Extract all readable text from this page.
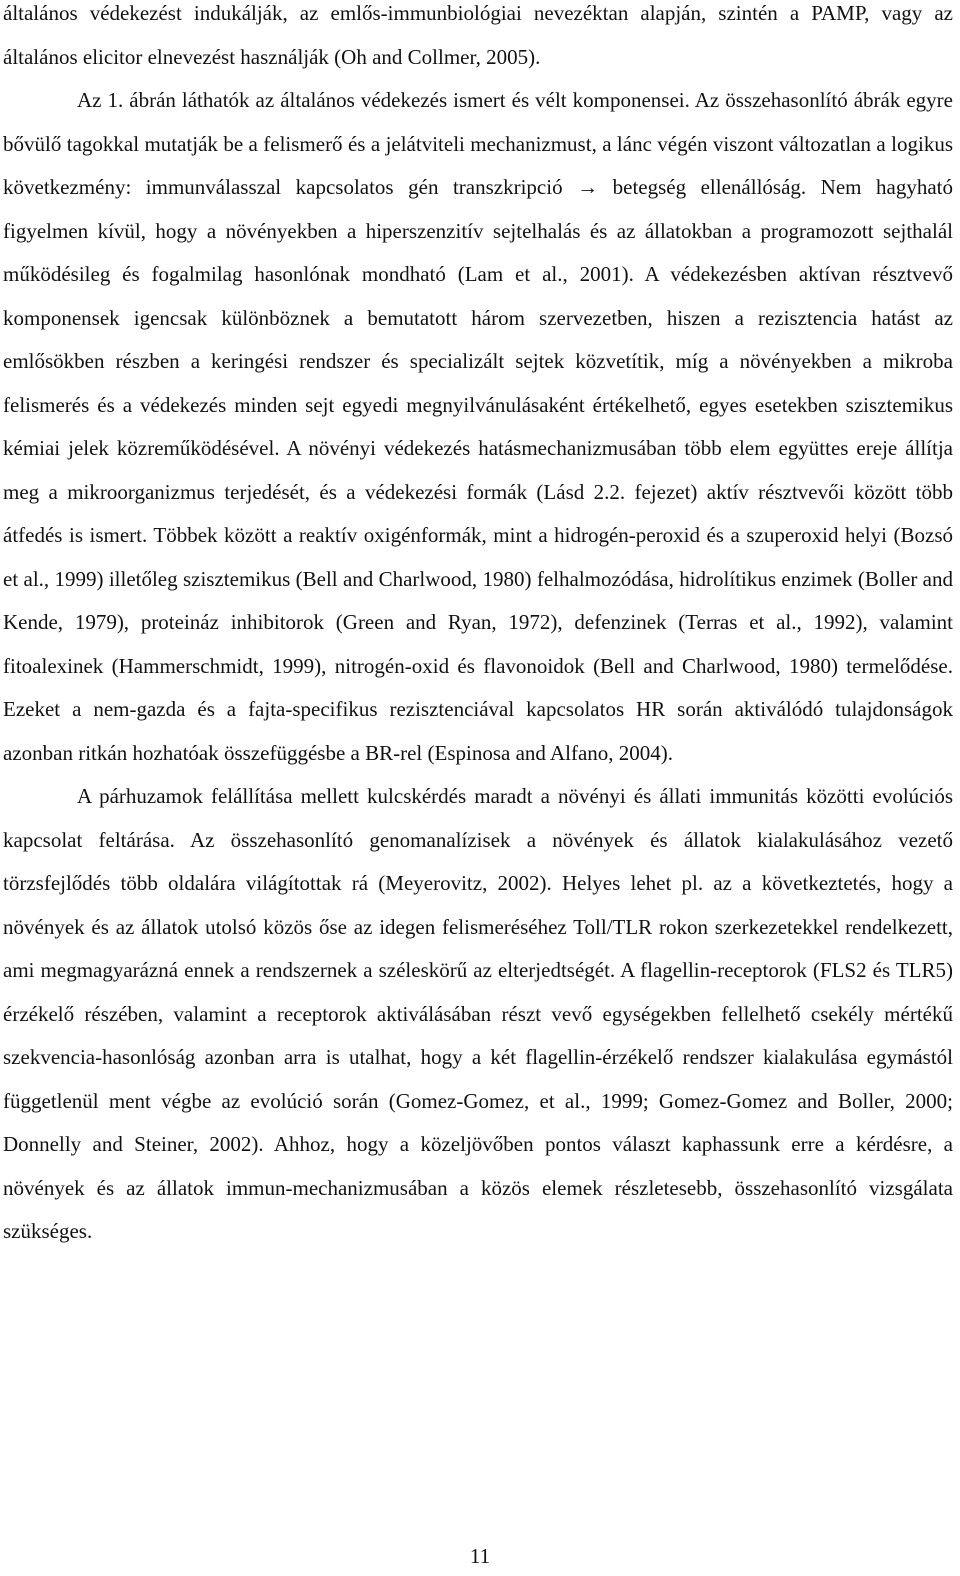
általános védekezést indukálják, az emlős-immunbiológiai nevezéktan alapján, szintén a PAMP, vagy az általános elicitor elnevezést használják (Oh and Collmer, 2005).

Az 1. ábrán láthatók az általános védekezés ismert és vélt komponensei. Az összehasonlító ábrák egyre bővülő tagokkal mutatják be a felismerő és a jelátviteli mechanizmust, a lánc végén viszont változatlan a logikus következmény: immunválasszal kapcsolatos gén transzkripció → betegség ellenállóság. Nem hagyható figyelmen kívül, hogy a növényekben a hiperszenzitív sejtelhalás és az állatokban a programozott sejthalál működésileg és fogalmilag hasonlónak mondható (Lam et al., 2001). A védekezésben aktívan résztvevő komponensek igencsak különböznek a bemutatott három szervezetben, hiszen a rezisztencia hatást az emlősökben részben a keringési rendszer és specializált sejtek közvetítik, míg a növényekben a mikroba felismerés és a védekezés minden sejt egyedi megnyilvánulásaként értékelhető, egyes esetekben szisztemikus kémiai jelek közreműködésével. A növényi védekezés hatásmechanizmusában több elem együttes ereje állítja meg a mikroorganizmus terjedését, és a védekezési formák (Lásd 2.2. fejezet) aktív résztvevői között több átfedés is ismert. Többek között a reaktív oxigénformák, mint a hidrogén-peroxid és a szuperoxid helyi (Bozsó et al., 1999) illetőleg szisztemikus (Bell and Charlwood, 1980) felhalmozódása, hidrolítikus enzimek (Boller and Kende, 1979), proteináz inhibitorok (Green and Ryan, 1972), defenzinek (Terras et al., 1992), valamint fitoalexinek (Hammerschmidt, 1999), nitrogén-oxid és flavonoidok (Bell and Charlwood, 1980) termelődése. Ezeket a nem-gazda és a fajta-specifikus rezisztenciával kapcsolatos HR során aktiválódó tulajdonságok azonban ritkán hozhatóak összefüggésbe a BR-rel (Espinosa and Alfano, 2004).

A párhuzamok felállítása mellett kulcskérdés maradt a növényi és állati immunitás közötti evolúciós kapcsolat feltárása. Az összehasonlító genomanalízisek a növények és állatok kialakulásához vezető törzsfejlődés több oldalára világítottak rá (Meyerovitz, 2002). Helyes lehet pl. az a következtetés, hogy a növények és az állatok utolsó közös őse az idegen felismeréséhez Toll/TLR rokon szerkezetekkel rendelkezett, ami megmagyarázná ennek a rendszernek a széleskörű az elterjedtségét. A flagellin-receptorok (FLS2 és TLR5) érzékelő részében, valamint a receptorok aktiválásában részt vevő egységekben fellelhető csekély mértékű szekvencia-hasonlóság azonban arra is utalhat, hogy a két flagellin-érzékelő rendszer kialakulása egymástól függetlenül ment végbe az evolúció során (Gomez-Gomez, et al., 1999; Gomez-Gomez and Boller, 2000; Donnelly and Steiner, 2002). Ahhoz, hogy a közeljövőben pontos választ kaphassunk erre a kérdésre, a növények és az állatok immun-mechanizmusában a közös elemek részletesebb, összehasonlító vizsgálata szükséges.

11
